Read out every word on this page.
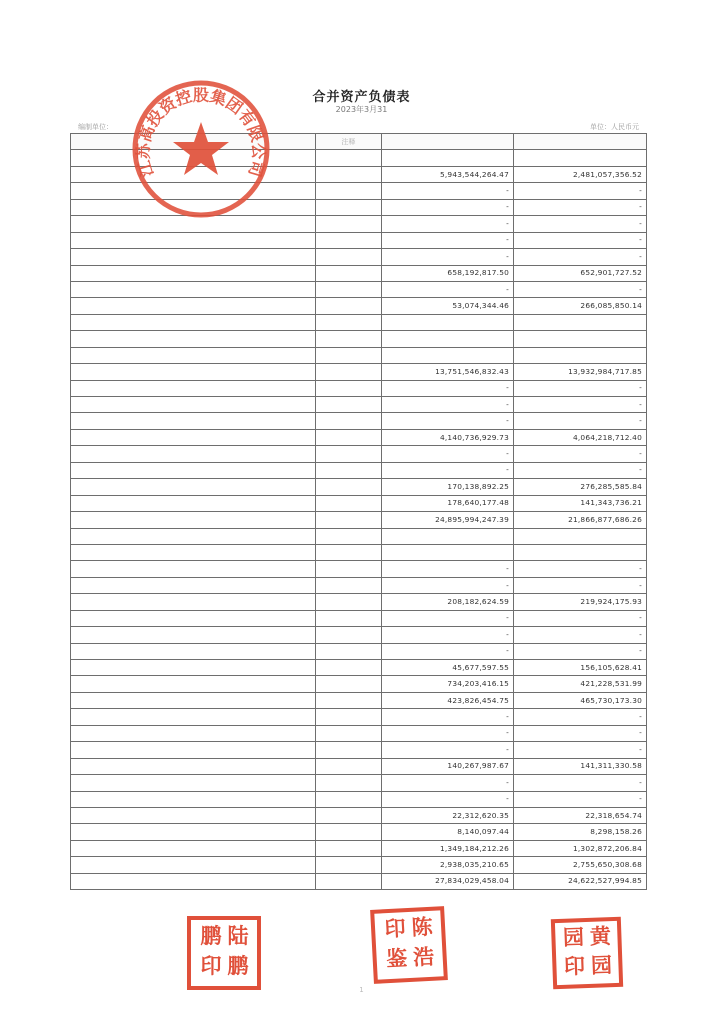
合并资产负债表
2023年3月31
编制单位：	单位：人民币元
	注释		

		5,943,544,264.47	2,481,057,356.52
		-	-
		-	-
		-	-
		-	-
		-	-
		658,192,817.50	652,901,727.52
		-	-
		53,074,344.46	266,085,850.14

		13,751,546,832.43	13,932,984,717.85
		-	-
		-	-
		-	-
		4,140,736,929.73	4,064,218,712.40
		-	-
		-	-
		170,138,892.25	276,285,585.84
		178,640,177.48	141,343,736.21
		24,895,994,247.39	21,866,877,686.26

		-	-
		-	-
		208,182,624.59	219,924,175.93
		-	-
		-	-
		-	-
		45,677,597.55	156,105,628.41
		734,203,416.15	421,228,531.99
		423,826,454.75	465,730,173.30
		-	-
		-	-
		-	-
		140,267,987.67	141,311,330.58
		-	-
		-	-
		22,312,620.35	22,318,654.74
		8,140,097.44	8,298,158.26
		1,349,184,212.26	1,302,872,206.84
		2,938,035,210.65	2,755,650,308.68
		27,834,029,458.04	24,622,527,994.85
江苏高投资控股集团有限公司
陆
鹏
印 鹏
印 陈
鉴 浩
园 黄
印 园
1
